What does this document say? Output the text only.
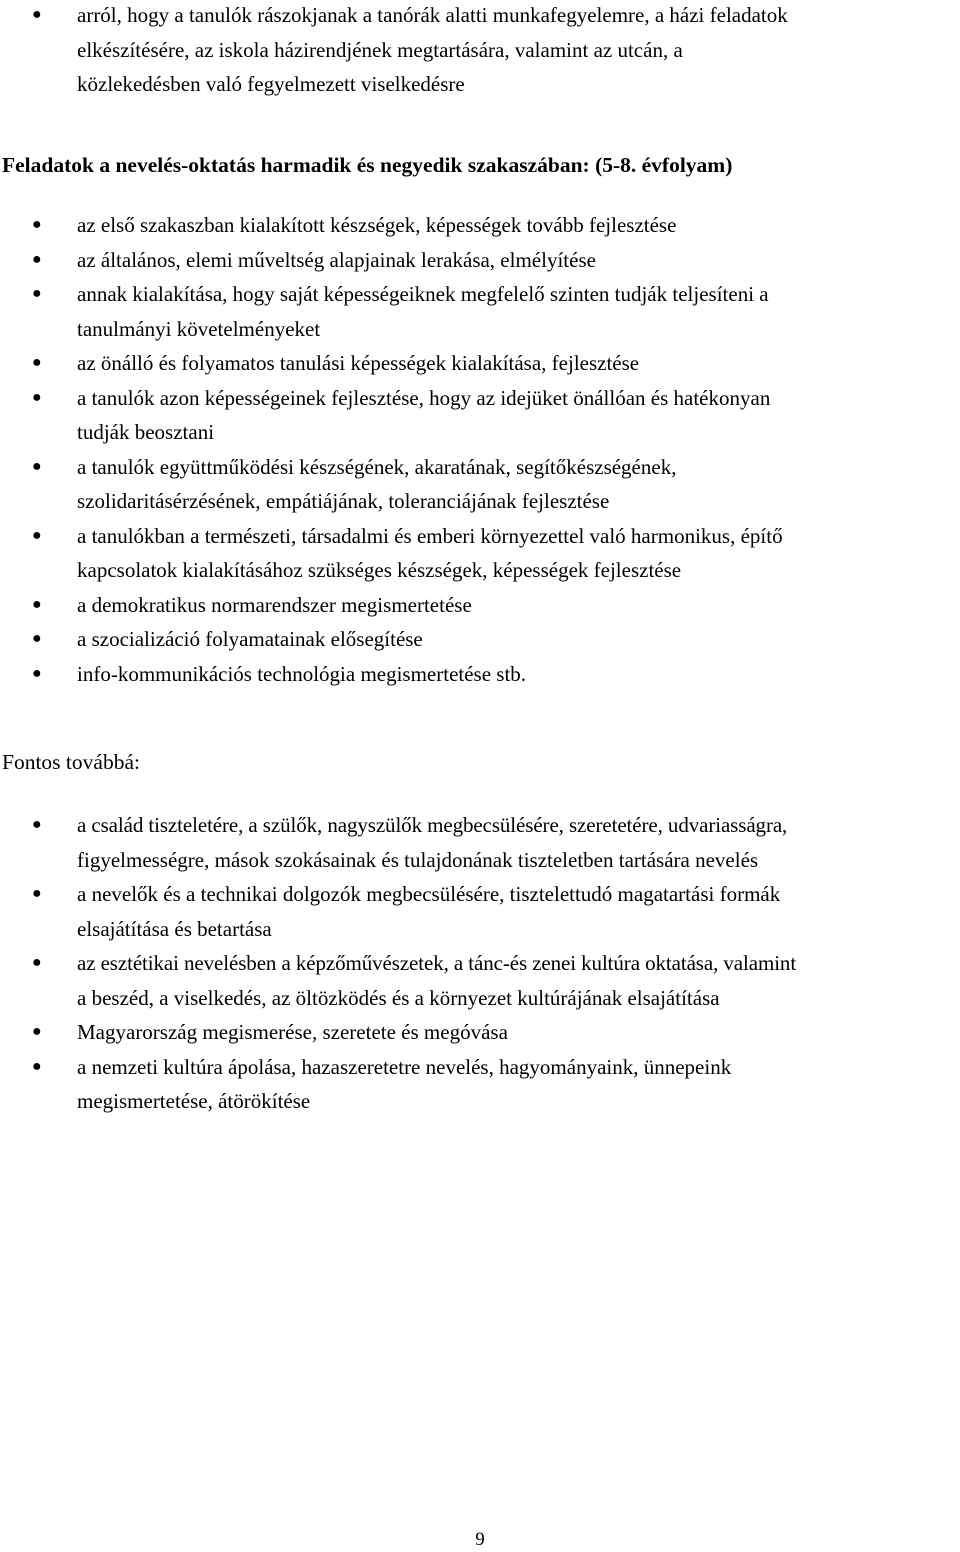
● arról, hogy a tanulók rászokjanak a tanórák alatti munkafegyelemre, a házi feladatok
elkészítésére, az iskola házirendjének megtartására, valamint az utcán, a
közlekedésben való fegyelmezett viselkedésre
Feladatok a nevelés-oktatás harmadik és negyedik szakaszában: (5-8. évfolyam)
● az első szakaszban kialakított készségek, képességek tovább fejlesztése
● az általános, elemi műveltség alapjainak lerakása, elmélyítése
● annak kialakítása, hogy saját képességeiknek megfelelő szinten tudják teljesíteni a
tanulmányi követelményeket
● az önálló és folyamatos tanulási képességek kialakítása, fejlesztése
● a tanulók azon képességeinek fejlesztése, hogy az idejüket önállóan és hatékonyan
tudják beosztani
● a tanulók együttműködési készségének, akaratának, segítőkészségének,
szolidaritásérzésének, empátiájának, toleranciájának fejlesztése
● a tanulókban a természeti, társadalmi és emberi környezettel való harmonikus, építő
kapcsolatok kialakításához szükséges készségek, képességek fejlesztése
● a demokratikus normarendszer megismertetése
● a szocializáció folyamatainak elősegítése
● info-kommunikációs technológia megismertetése stb.
Fontos továbbá:
● a család tiszteletére, a szülők, nagyszülők megbecsülésére, szeretetére, udvariasságra,
figyelmességre, mások szokásainak és tulajdonának tiszteletben tartására nevelés
● a nevelők és a technikai dolgozók megbecsülésére, tisztelettudó magatartási formák
elsajátítása és betartása
● az esztétikai nevelésben a képzőművészetek, a tánc-és zenei kultúra oktatása, valamint
a beszéd, a viselkedés, az öltözködés és a környezet kultúrájának elsajátítása
● Magyarország megismerése, szeretete és megóvása
● a nemzeti kultúra ápolása, hazaszeretetre nevelés, hagyományaink, ünnepeink
megismertetése, átörökítése
9
